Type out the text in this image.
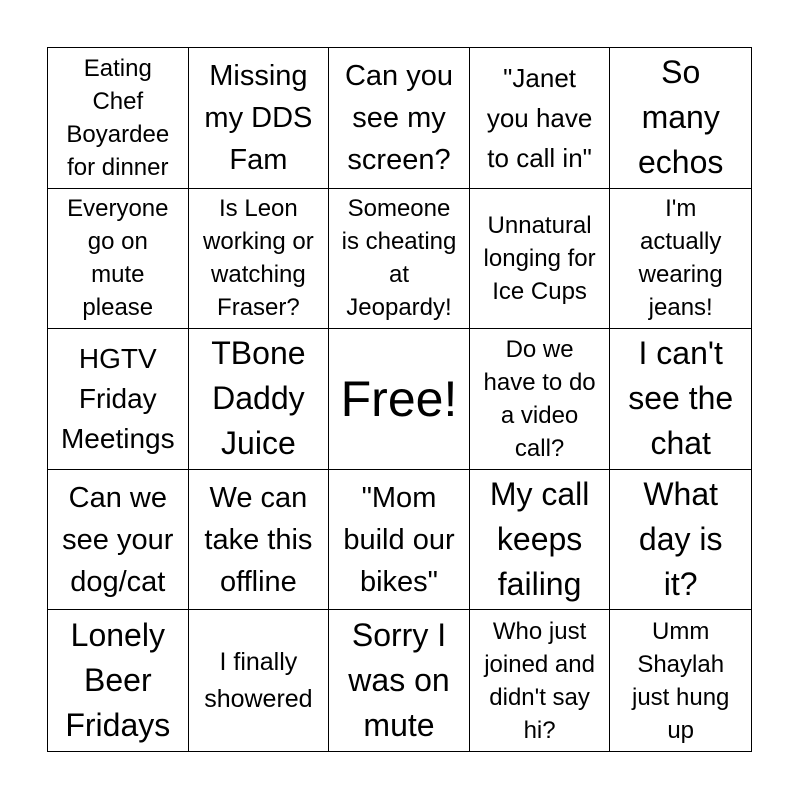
Eating
Chef
Boyardee
for dinner
Missing
my DDS
Fam
Can you
see my
screen?
"Janet
you have
to call in"
So
many
echos
Everyone
go on
mute
please
Is Leon
working or
watching
Fraser?
Someone
is cheating
at
Jeopardy!
Unnatural
longing for
Ice Cups
I'm
actually
wearing
jeans!
HGTV
Friday
Meetings
TBone
Daddy
Juice
Free!
Do we
have to do
a video
call?
I can't
see the
chat
Can we
see your
dog/cat
We can
take this
offline
"Mom
build our
bikes"
My call
keeps
failing
What
day is
it?
Lonely
Beer
Fridays
I finally
showered
Sorry I
was on
mute
Who just
joined and
didn't say
hi?
Umm
Shaylah
just hung
up
